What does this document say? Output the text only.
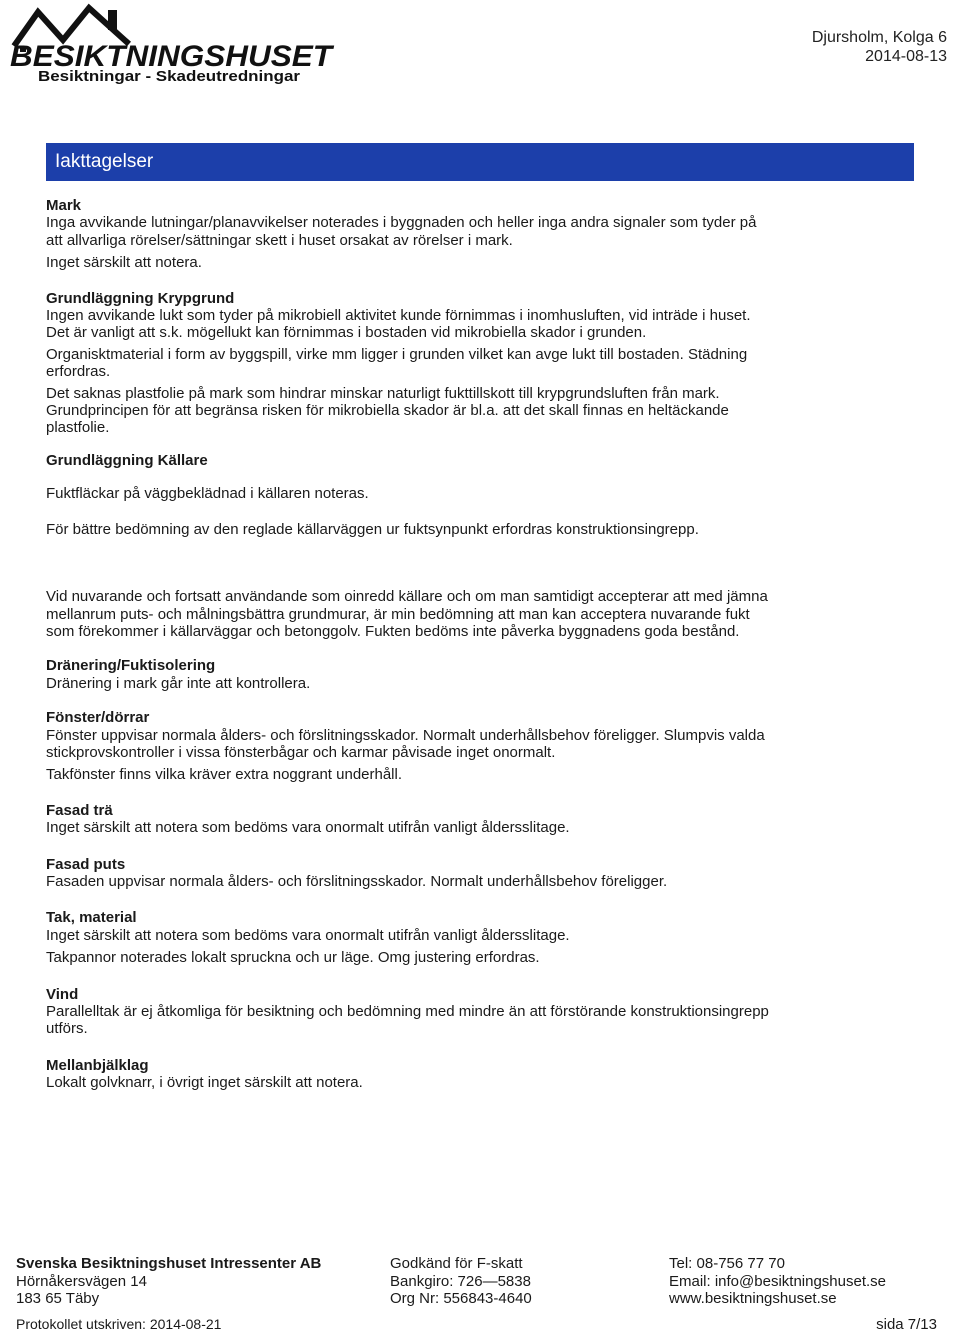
BESIKTNINGSHUSET
Besiktningar - Skadeutredningar
Djursholm, Kolga 6
2014-08-13
Iakttagelser

Mark

Inga avvikande lutningar/planavvikelser noterades i byggnaden och heller inga andra signaler som tyder på

att allvarliga rörelser/sättningar skett i huset orsakat av rörelser i mark.

Inget särskilt att notera.

Grundläggning Krypgrund

Ingen avvikande lukt som tyder på mikrobiell aktivitet kunde förnimmas i inomhusluften, vid inträde i huset.

Det är vanligt att s.k. mögellukt kan förnimmas i bostaden vid mikrobiella skador i grunden.

Organisktmaterial i form av byggspill, virke mm ligger i grunden vilket kan avge lukt till bostaden. Städning

erfordras.

Det saknas plastfolie på mark som hindrar minskar naturligt fukttillskott till krypgrundsluften från mark.

Grundprincipen för att begränsa risken för mikrobiella skador är bl.a. att det skall finnas en heltäckande

plastfolie.

Grundläggning Källare

Fuktfläckar på väggbeklädnad i källaren noteras.

För bättre bedömning av den reglade källarväggen ur fuktsynpunkt erfordras konstruktionsingrepp.

Vid nuvarande och fortsatt användande som oinredd källare och om man samtidigt accepterar att med jämna

mellanrum puts- och målningsbättra grundmurar, är min bedömning att man kan acceptera nuvarande fukt

som förekommer i källarväggar och betonggolv. Fukten bedöms inte påverka byggnadens goda bestånd.

Dränering/Fuktisolering

Dränering i mark går inte att kontrollera.

Fönster/dörrar

Fönster uppvisar normala ålders- och förslitningsskador. Normalt underhållsbehov föreligger. Slumpvis valda

stickprovskontroller i vissa fönsterbågar och karmar påvisade inget onormalt.

Takfönster finns vilka kräver extra noggrant underhåll.

Fasad trä

Inget särskilt att notera som bedöms vara onormalt utifrån vanligt åldersslitage.

Fasad puts

Fasaden uppvisar normala ålders- och förslitningsskador. Normalt underhållsbehov föreligger.

Tak, material

Inget särskilt att notera som bedöms vara onormalt utifrån vanligt åldersslitage.

Takpannor noterades lokalt spruckna och ur läge. Omg justering erfordras.

Vind

Parallelltak är ej åtkomliga för besiktning och bedömning med mindre än att förstörande konstruktionsingrepp

utförs.

Mellanbjälklag

Lokalt golvknarr, i övrigt inget särskilt att notera.

Svenska Besiktningshuset Intressenter AB
Hörnåkersvägen 14
183 65 Täby
Godkänd för F-skatt
Bankgiro: 726—5838
Org Nr: 556843-4640
Tel: 08-756 77 70
Email: info@besiktningshuset.se
www.besiktningshuset.se
Protokollet utskriven: 2014-08-21	sida 7/13
